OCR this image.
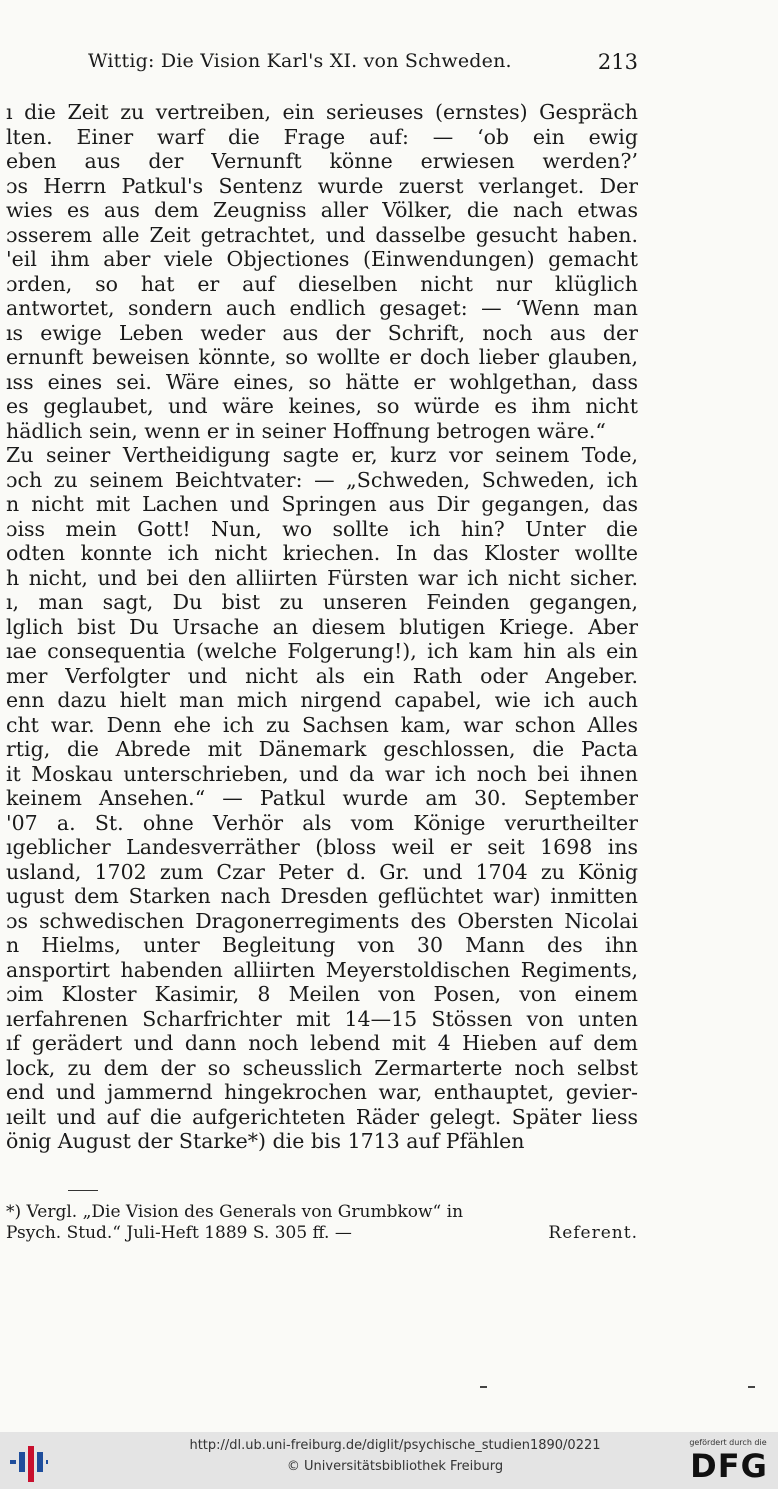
Wittig: Die Vision Karl's XI. von Schweden.	213
ı die Zeit zu vertreiben, ein serieuses (ernstes) Gespräch
lten. Einer warf die Frage auf: — ‘ob ein ewig
eben aus der Vernunft könne erwiesen werden?’
ɔs Herrn Patkul's Sentenz wurde zuerst verlanget. Der
wies es aus dem Zeugniss aller Völker, die nach etwas
ɔsserem alle Zeit getrachtet, und dasselbe gesucht haben.
'eil ihm aber viele Objectiones (Einwendungen) gemacht
ɔrden, so hat er auf dieselben nicht nur klüglich
antwortet, sondern auch endlich gesaget: — ‘Wenn man
ıs ewige Leben weder aus der Schrift, noch aus der
ernunft beweisen könnte, so wollte er doch lieber glauben,
ıss eines sei. Wäre eines, so hätte er wohlgethan, dass
es geglaubet, und wäre keines, so würde es ihm nicht
hädlich sein, wenn er in seiner Hoffnung betrogen wäre.“
Zu seiner Vertheidigung sagte er, kurz vor seinem Tode,
ɔch zu seinem Beichtvater: — „Schweden, Schweden, ich
n nicht mit Lachen und Springen aus Dir gegangen, das
ɔiss mein Gott! Nun, wo sollte ich hin? Unter die
odten konnte ich nicht kriechen. In das Kloster wollte
h nicht, und bei den alliirten Fürsten war ich nicht sicher.
ı, man sagt, Du bist zu unseren Feinden gegangen,
lglich bist Du Ursache an diesem blutigen Kriege. Aber
ıae consequentia (welche Folgerung!), ich kam hin als ein
mer Verfolgter und nicht als ein Rath oder Angeber.
enn dazu hielt man mich nirgend capabel, wie ich auch
cht war. Denn ehe ich zu Sachsen kam, war schon Alles
rtig, die Abrede mit Dänemark geschlossen, die Pacta
it Moskau unterschrieben, und da war ich noch bei ihnen
keinem Ansehen.“ — Patkul wurde am 30. September
'07 a. St. ohne Verhör als vom Könige verurtheilter
ıgeblicher Landesverräther (bloss weil er seit 1698 ins
usland, 1702 zum Czar Peter d. Gr. und 1704 zu König
ugust dem Starken nach Dresden geflüchtet war) inmitten
ɔs schwedischen Dragonerregiments des Obersten Nicolai
n Hielms, unter Begleitung von 30 Mann des ihn
ansportirt habenden alliirten Meyerstoldischen Regiments,
ɔim Kloster Kasimir, 8 Meilen von Posen, von einem
ıerfahrenen Scharfrichter mit 14—15 Stössen von unten
ıf gerädert und dann noch lebend mit 4 Hieben auf dem
lock, zu dem der so scheusslich Zermarterte noch selbst
end und jammernd hingekrochen war, enthauptet, gevier-
ıeilt und auf die aufgerichteten Räder gelegt. Später liess
önig August der Starke*) die bis 1713 auf Pfählen
*) Vergl. „Die Vision des Generals von Grumbkow“ in
Psych. Stud.“ Juli-Heft 1889 S. 305 ff. —	Referent.
http://dl.ub.uni-freiburg.de/diglit/psychische_studien1890/0221
© Universitätsbibliothek Freiburg
gefördert durch die
DFG
